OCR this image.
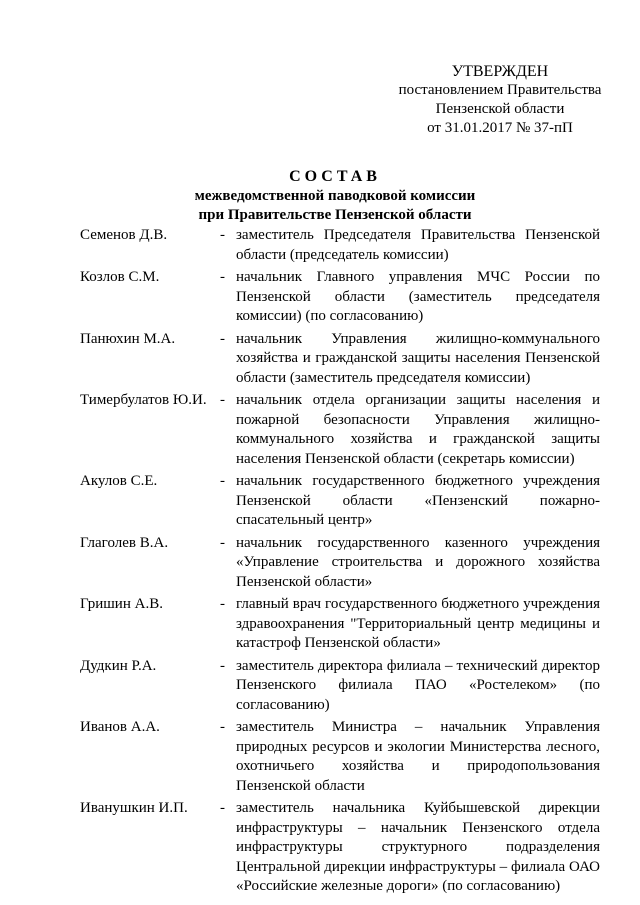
УТВЕРЖДЕН
постановлением Правительства
Пензенской области
от 31.01.2017 № 37-пП
СОСТАВ
межведомственной паводковой комиссии
при Правительстве Пензенской области
Семенов Д.В.	- заместитель Председателя Правительства Пензенской области (председатель комиссии)
Козлов С.М.	- начальник Главного управления МЧС России по Пензенской области (заместитель председателя комиссии) (по согласованию)
Панюхин М.А.	- начальник Управления жилищно-коммунального хозяйства и гражданской защиты населения Пензенской области (заместитель председателя комиссии)
Тимербулатов Ю.И. - начальник отдела организации защиты населения и пожарной безопасности Управления жилищно-коммунального хозяйства и гражданской защиты населения Пензенской области (секретарь комиссии)
Акулов С.Е.	- начальник государственного бюджетного учреждения Пензенской области «Пензенский пожарно-спасательный центр»
Глаголев В.А.	- начальник государственного казенного учреждения «Управление строительства и дорожного хозяйства Пензенской области»
Гришин А.В.	- главный врач государственного бюджетного учреждения здравоохранения "Территориальный центр медицины и катастроф Пензенской области»
Дудкин Р.А.	- заместитель директора филиала – технический директор Пензенского филиала ПАО «Ростелеком» (по согласованию)
Иванов А.А.	- заместитель Министра – начальник Управления природных ресурсов и экологии Министерства лесного, охотничьего хозяйства и природопользования Пензенской области
Иванушкин И.П.	- заместитель начальника Куйбышевской дирекции инфраструктуры – начальник Пензенского отдела инфраструктуры структурного подразделения Центральной дирекции инфраструктуры – филиала ОАО «Российские железные дороги» (по согласованию)
